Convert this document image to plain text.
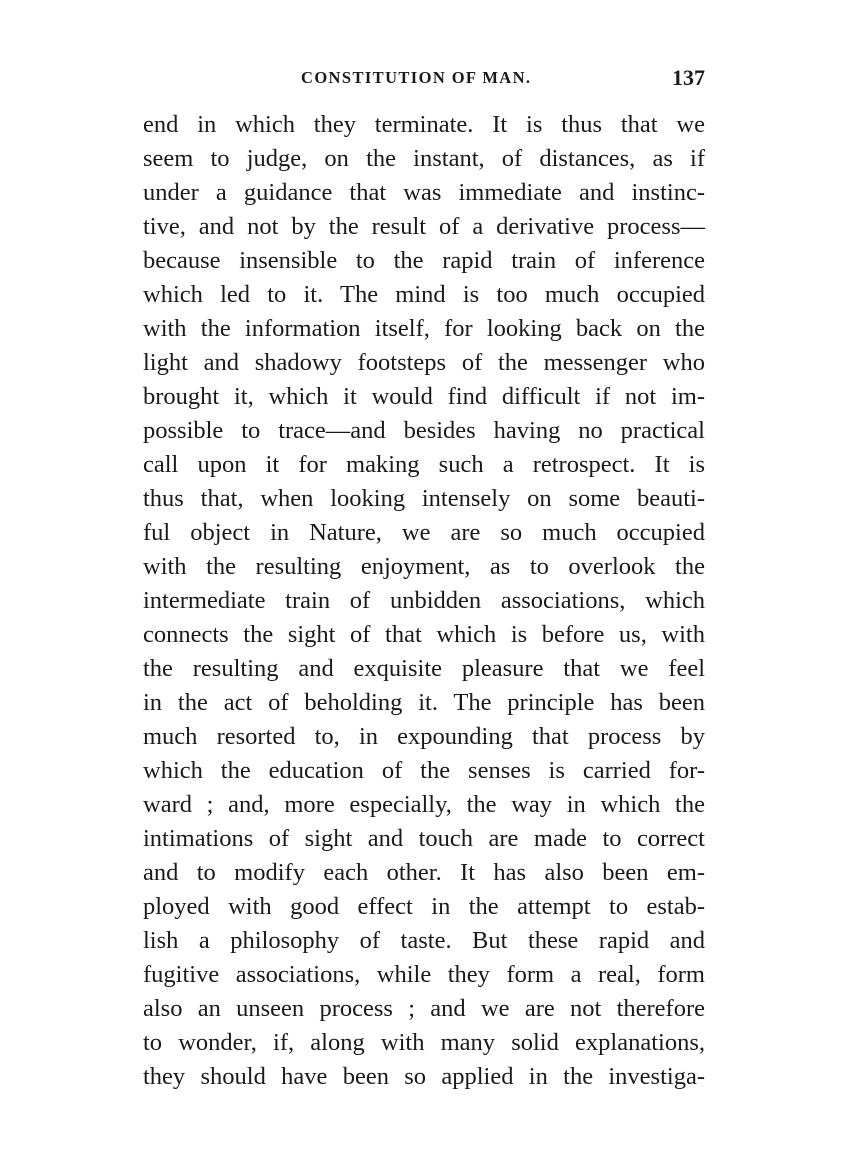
CONSTITUTION OF MAN.	137
end in which they terminate. It is thus that we
seem to judge, on the instant, of distances, as if
under a guidance that was immediate and instinc-
tive, and not by the result of a derivative process—
because insensible to the rapid train of inference
which led to it. The mind is too much occupied
with the information itself, for looking back on the
light and shadowy footsteps of the messenger who
brought it, which it would find difficult if not im-
possible to trace—and besides having no practical
call upon it for making such a retrospect. It is
thus that, when looking intensely on some beauti-
ful object in Nature, we are so much occupied
with the resulting enjoyment, as to overlook the
intermediate train of unbidden associations, which
connects the sight of that which is before us, with
the resulting and exquisite pleasure that we feel
in the act of beholding it. The principle has been
much resorted to, in expounding that process by
which the education of the senses is carried for-
ward ; and, more especially, the way in which the
intimations of sight and touch are made to correct
and to modify each other. It has also been em-
ployed with good effect in the attempt to estab-
lish a philosophy of taste. But these rapid and
fugitive associations, while they form a real, form
also an unseen process ; and we are not therefore
to wonder, if, along with many solid explanations,
they should have been so applied in the investiga-
